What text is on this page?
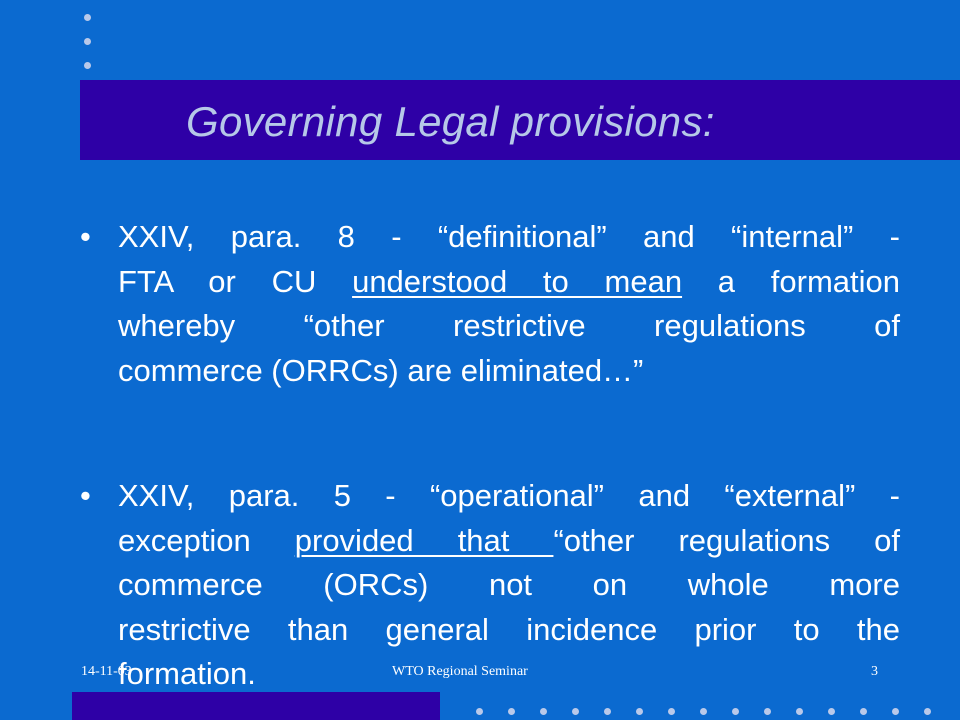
Governing Legal provisions:
• XXIV, para. 8 - “definitional” and “internal” -
FTA or CU understood to mean a formation
whereby “other restrictive regulations of
commerce (ORRCs) are eliminated…”
• XXIV, para. 5 - “operational” and “external” -
exception provided that “other regulations of
commerce (ORCs) not on whole more
restrictive than general incidence prior to the
formation.
14-11-03	WTO Regional Seminar	3
